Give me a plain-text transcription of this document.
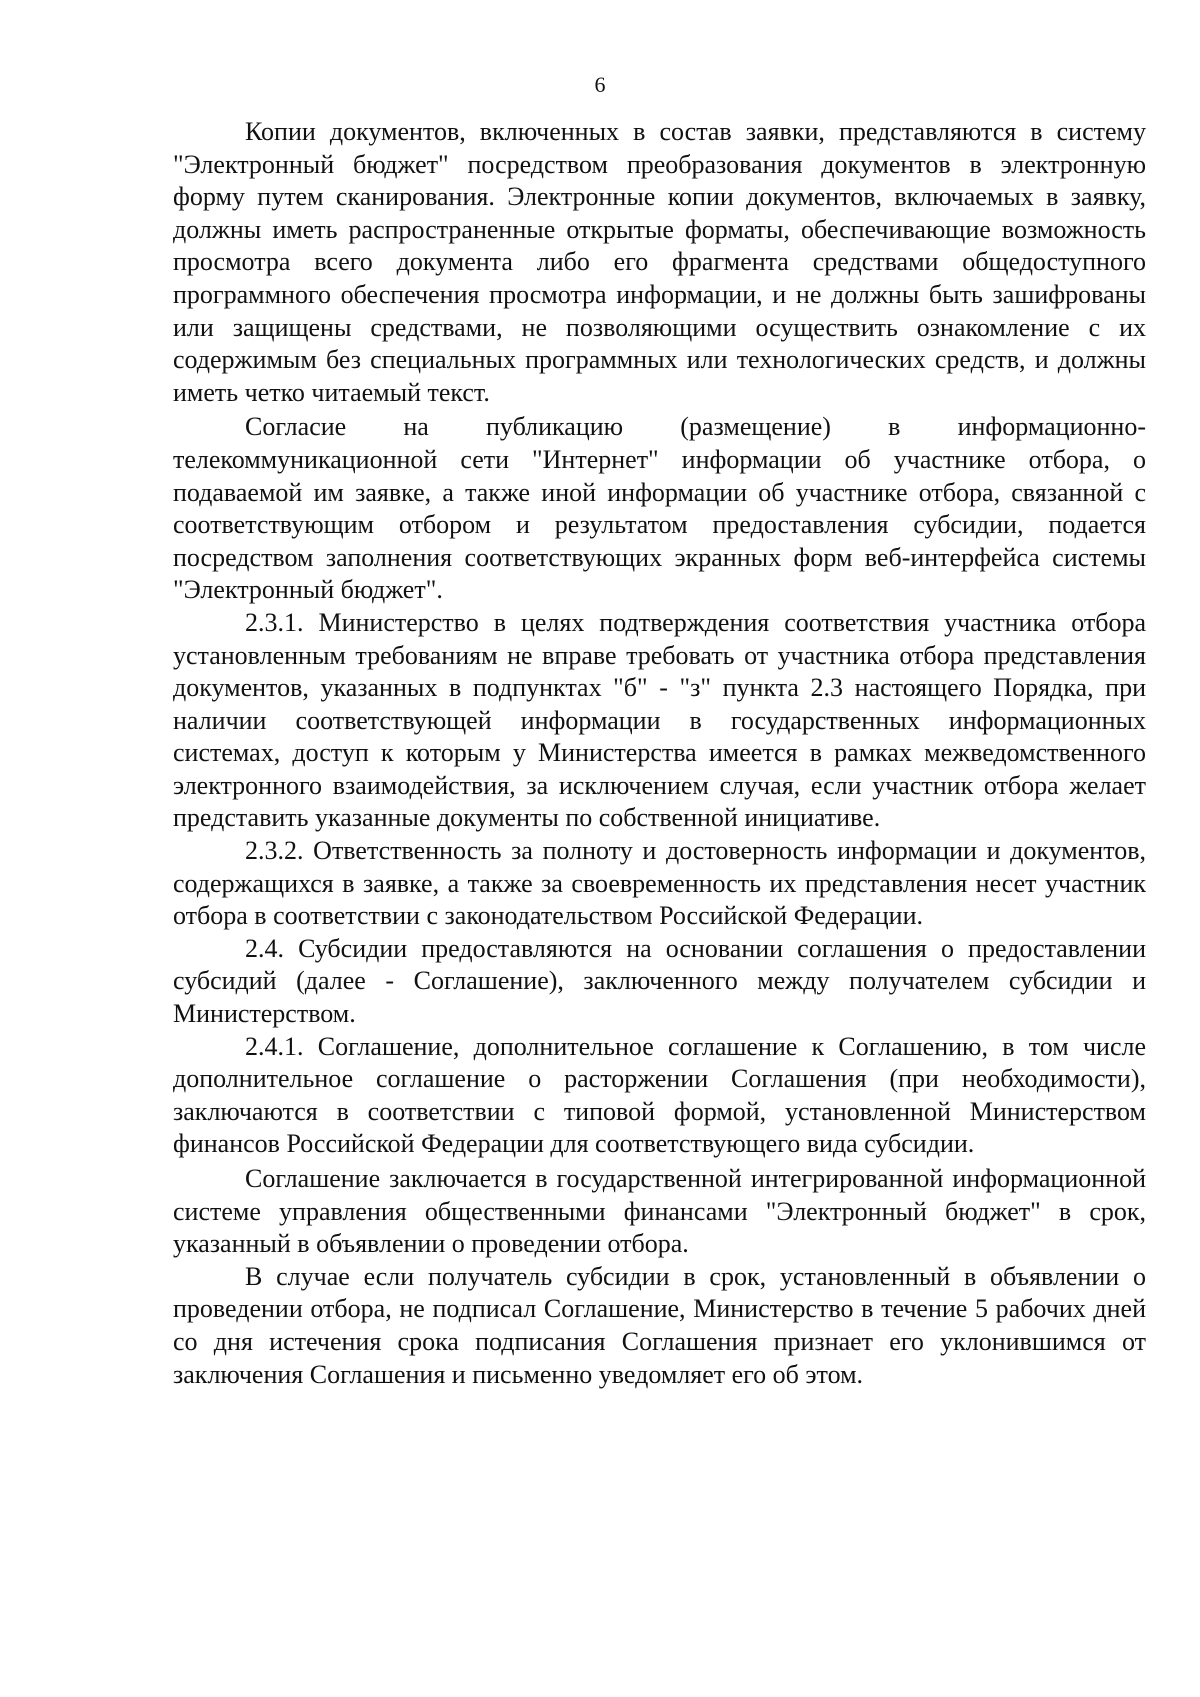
6

Копии документов, включенных в состав заявки, представляются в систему "Электронный бюджет" посредством преобразования документов в электронную форму путем сканирования. Электронные копии документов, включаемых в заявку, должны иметь распространенные открытые форматы, обеспечивающие возможность просмотра всего документа либо его фрагмента средствами общедоступного программного обеспечения просмотра информации, и не должны быть зашифрованы или защищены средствами, не позволяющими осуществить ознакомление с их содержимым без специальных программных или технологических средств, и должны иметь четко читаемый текст.

Согласие на публикацию (размещение) в информационно-телекоммуникационной сети "Интернет" информации об участнике отбора, о подаваемой им заявке, а также иной информации об участнике отбора, связанной с соответствующим отбором и результатом предоставления субсидии, подается посредством заполнения соответствующих экранных форм веб-интерфейса системы "Электронный бюджет".

2.3.1. Министерство в целях подтверждения соответствия участника отбора установленным требованиям не вправе требовать от участника отбора представления документов, указанных в подпунктах "б" - "з" пункта 2.3 настоящего Порядка, при наличии соответствующей информации в государственных информационных системах, доступ к которым у Министерства имеется в рамках межведомственного электронного взаимодействия, за исключением случая, если участник отбора желает представить указанные документы по собственной инициативе.

2.3.2. Ответственность за полноту и достоверность информации и документов, содержащихся в заявке, а также за своевременность их представления несет участник отбора в соответствии с законодательством Российской Федерации.

2.4. Субсидии предоставляются на основании соглашения о предоставлении субсидий (далее - Соглашение), заключенного между получателем субсидии и Министерством.

2.4.1. Соглашение, дополнительное соглашение к Соглашению, в том числе дополнительное соглашение о расторжении Соглашения (при необходимости), заключаются в соответствии с типовой формой, установленной Министерством финансов Российской Федерации для соответствующего вида субсидии.

Соглашение заключается в государственной интегрированной информационной системе управления общественными финансами "Электронный бюджет" в срок, указанный в объявлении о проведении отбора.

В случае если получатель субсидии в срок, установленный в объявлении о проведении отбора, не подписал Соглашение, Министерство в течение 5 рабочих дней со дня истечения срока подписания Соглашения признает его уклонившимся от заключения Соглашения и письменно уведомляет его об этом.
